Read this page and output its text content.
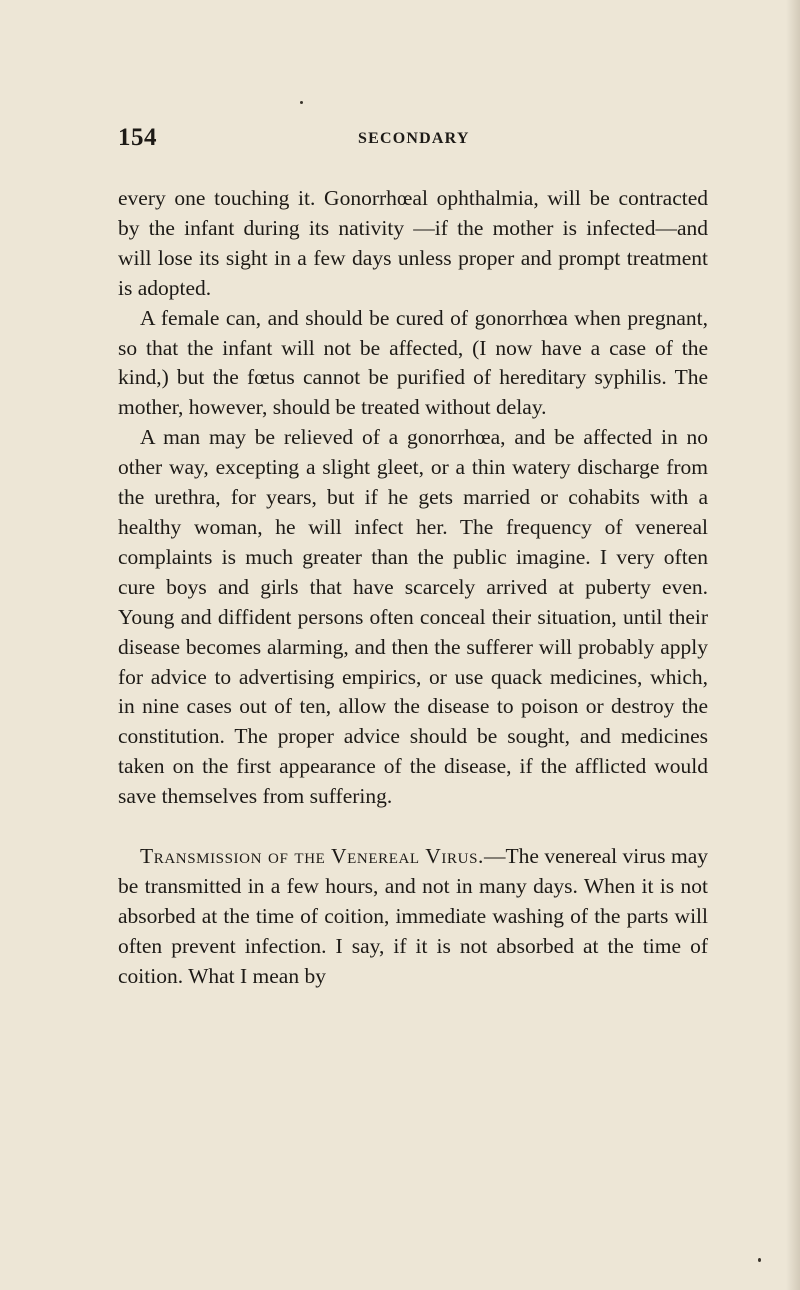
154	SECONDARY

every one touching it. Gonorrhœal ophthalmia, will be contracted by the infant during its nativity —if the mother is infected—and will lose its sight in a few days unless proper and prompt treatment is adopted.

A female can, and should be cured of gonorrhœa when pregnant, so that the infant will not be affected, (I now have a case of the kind,) but the fœtus cannot be purified of hereditary syphilis. The mother, however, should be treated without delay.

A man may be relieved of a gonorrhœa, and be affected in no other way, excepting a slight gleet, or a thin watery discharge from the urethra, for years, but if he gets married or cohabits with a healthy woman, he will infect her. The frequency of venereal complaints is much greater than the public imagine. I very often cure boys and girls that have scarcely arrived at puberty even. Young and diffident persons often conceal their situation, until their disease becomes alarming, and then the sufferer will probably apply for advice to advertising empirics, or use quack medicines, which, in nine cases out of ten, allow the disease to poison or destroy the constitution. The proper advice should be sought, and medicines taken on the first appearance of the disease, if the afflicted would save themselves from suffering.

Transmission of the Venereal Virus.—The venereal virus may be transmitted in a few hours, and not in many days. When it is not absorbed at the time of coition, immediate washing of the parts will often prevent infection. I say, if it is not absorbed at the time of coition. What I mean by
